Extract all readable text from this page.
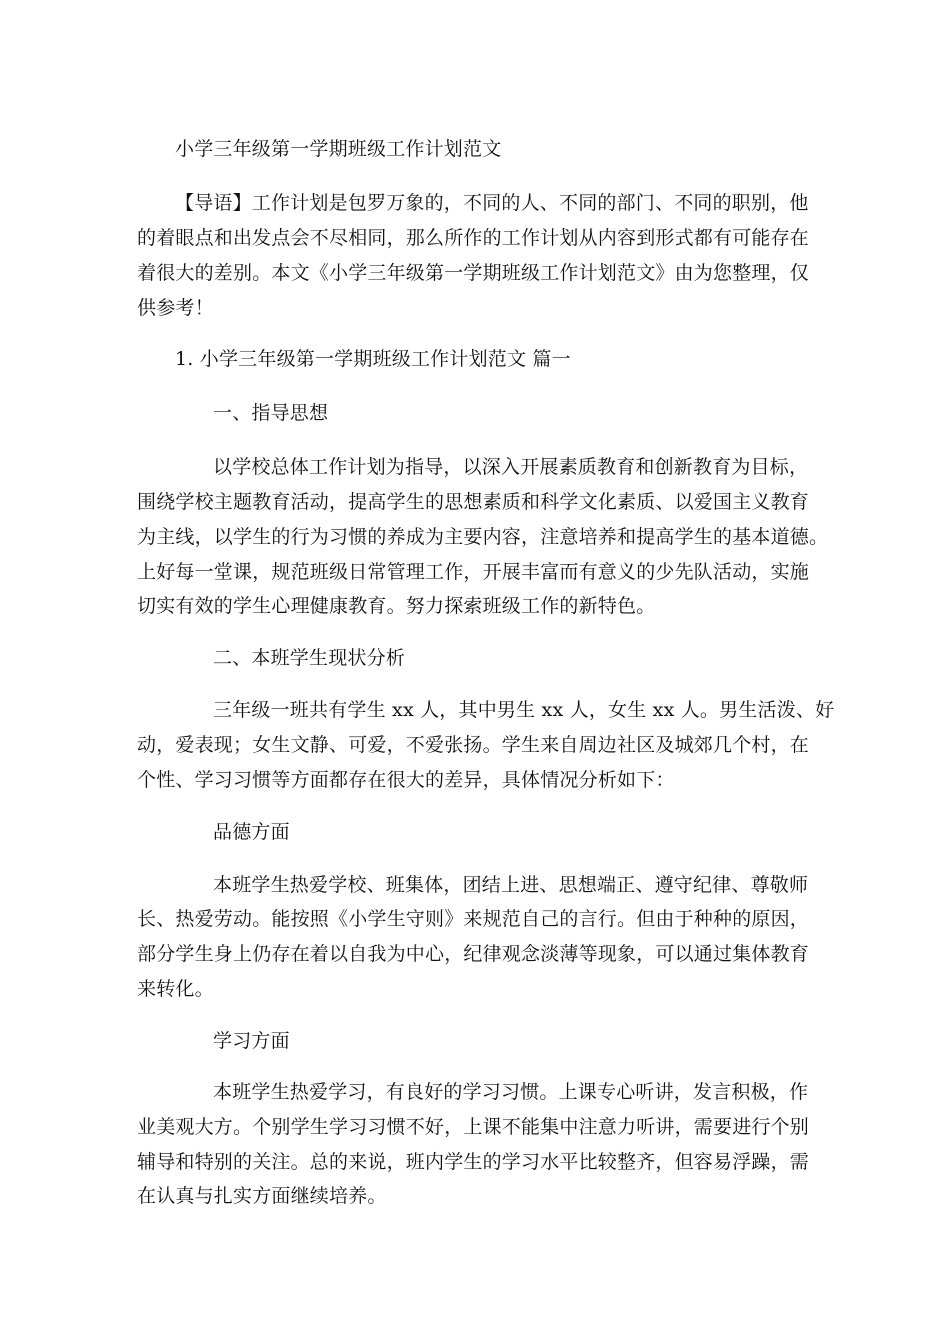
小学三年级第一学期班级工作计划范文
【导语】工作计划是包罗万象的，不同的人、不同的部门、不同的职别，他
的着眼点和出发点会不尽相同，那么所作的工作计划从内容到形式都有可能存在
着很大的差别。本文《小学三年级第一学期班级工作计划范文》由为您整理，仅
供参考！
1. 小学三年级第一学期班级工作计划范文 篇一
一、指导思想
以学校总体工作计划为指导，以深入开展素质教育和创新教育为目标，
围绕学校主题教育活动，提高学生的思想素质和科学文化素质、以爱国主义教育
为主线，以学生的行为习惯的养成为主要内容，注意培养和提高学生的基本道德。
上好每一堂课，规范班级日常管理工作，开展丰富而有意义的少先队活动，实施
切实有效的学生心理健康教育。努力探索班级工作的新特色。
二、本班学生现状分析
三年级一班共有学生 xx 人，其中男生 xx 人，女生 xx 人。男生活泼、好
动，爱表现；女生文静、可爱，不爱张扬。学生来自周边社区及城郊几个村，在
个性、学习习惯等方面都存在很大的差异，具体情况分析如下：
品德方面
本班学生热爱学校、班集体，团结上进、思想端正、遵守纪律、尊敬师
长、热爱劳动。能按照《小学生守则》来规范自己的言行。但由于种种的原因，
部分学生身上仍存在着以自我为中心，纪律观念淡薄等现象，可以通过集体教育
来转化。
学习方面
本班学生热爱学习，有良好的学习习惯。上课专心听讲，发言积极，作
业美观大方。个别学生学习习惯不好，上课不能集中注意力听讲，需要进行个别
辅导和特别的关注。总的来说，班内学生的学习水平比较整齐，但容易浮躁，需
在认真与扎实方面继续培养。
